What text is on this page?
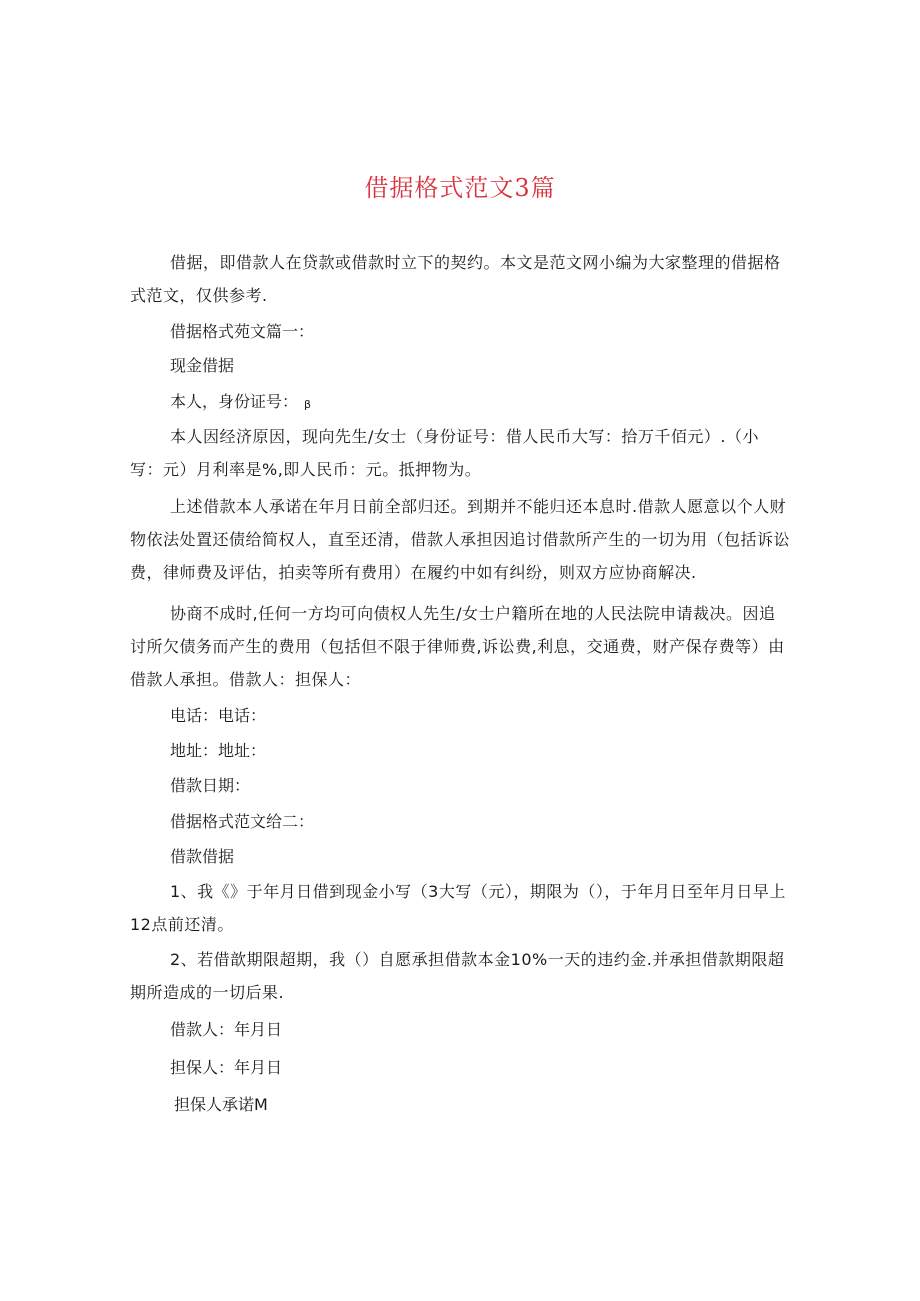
借据格式范文3篇

借据，即借款人在贷款或借款时立下的契约。本文是范文网小编为大家整理的借据格式范文，仅供参考.

借据格式苑文篇一：
现金借据
本人，身份证号： β

本人因经济原因，现向先生/女士（身份证号：借人民币大写：拾万千佰元）.（小写：元）月利率是%,即人民币：元。抵押物为。

上述借款本人承诺在年月日前全部归还。到期并不能归还本息时.借款人愿意以个人财物依法处置还债给简权人，直至还清，借款人承担因追讨借款所产生的一切为用（包括诉讼费，律师费及评估，拍卖等所有费用）在履约中如有纠纷，则双方应协商解决.

协商不成时,任何一方均可向债权人先生/女士户籍所在地的人民法院申请裁决。因追讨所欠债务而产生的费用（包括但不限于律师费,诉讼费,利息，交通费，财产保存费等）由借款人承担。借款人：担保人：

电话：电话：
地址：地址：
借款日期：
借据格式范文给二：
借款借据

1、我《》于年月日借到现金小写（3大写（元），期限为（），于年月日至年月日早上12点前还清。

2、若借歆期限超期，我（）自愿承担借款本金10%一天的违约金.并承担借款期限超期所造成的一切后果.

借款人：年月日
担保人：年月日
担保人承诺M
